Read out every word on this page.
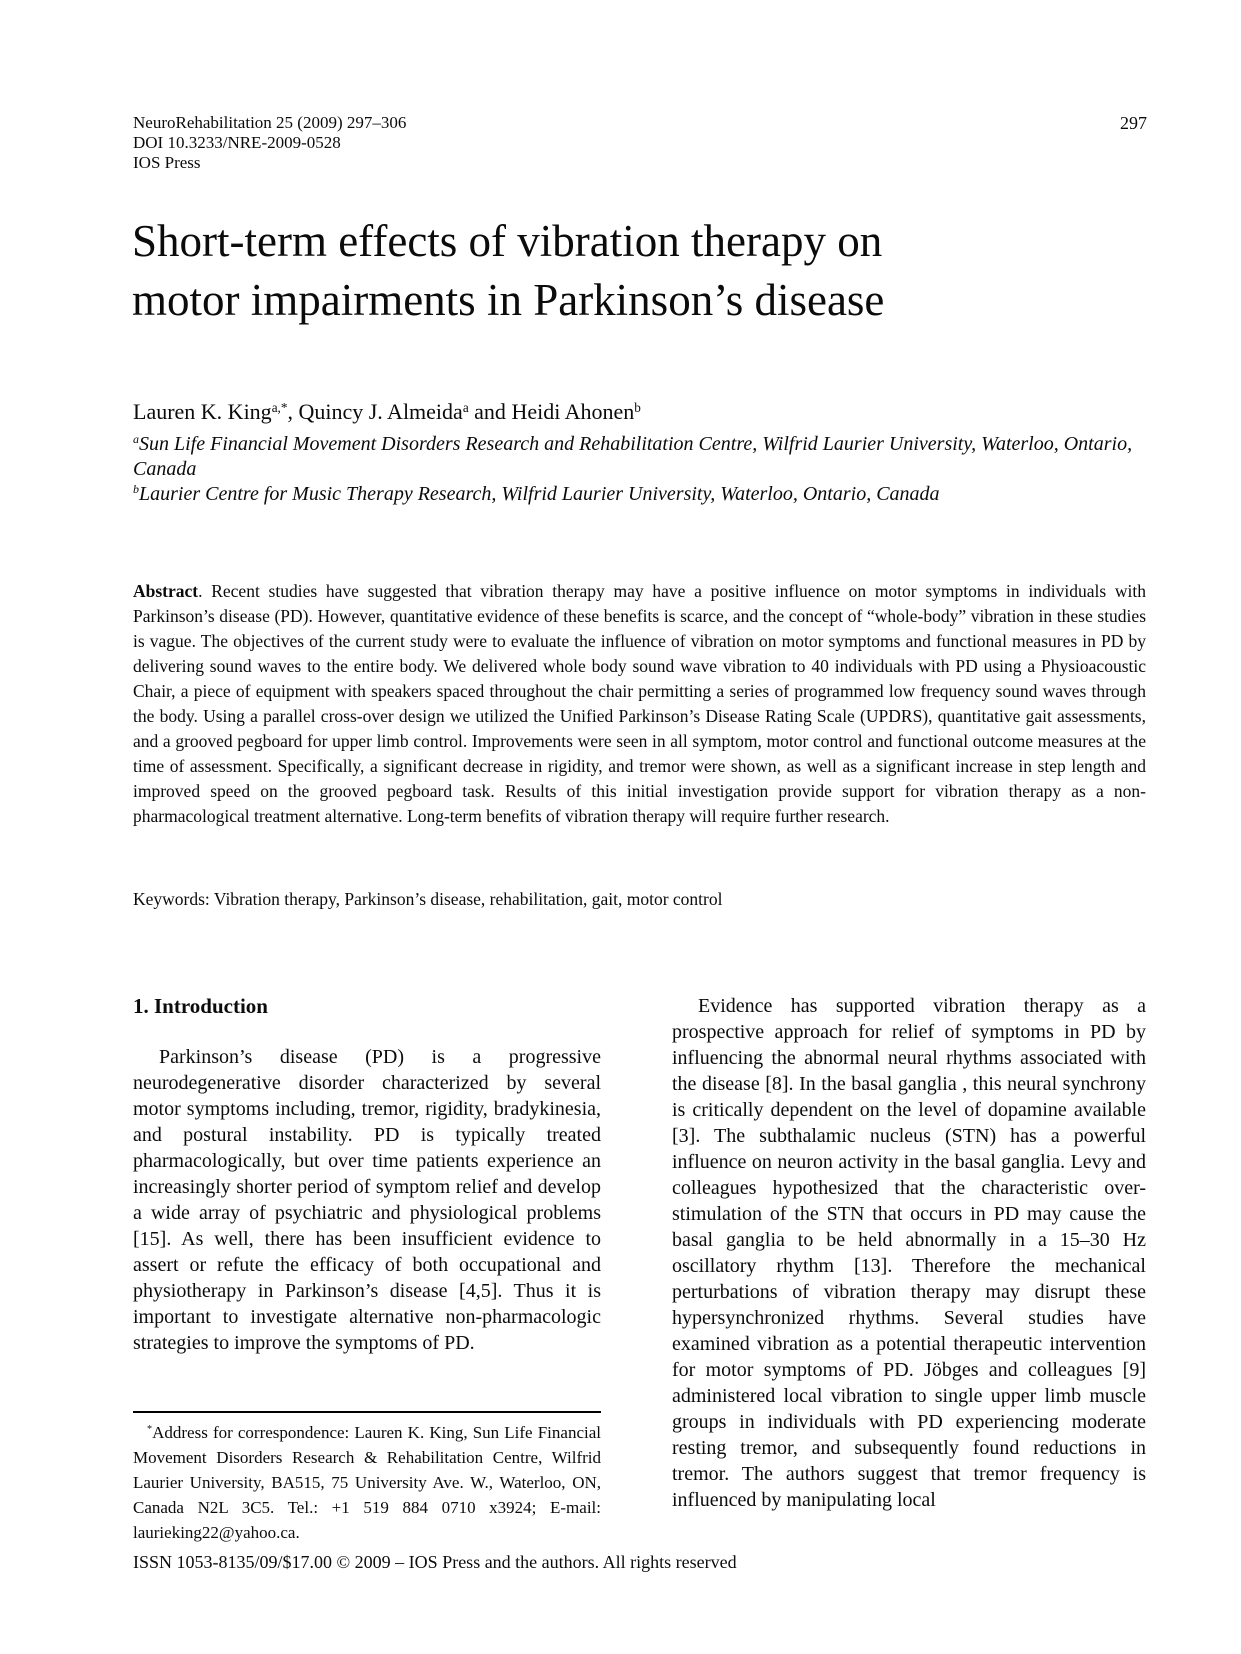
NeuroRehabilitation 25 (2009) 297–306
DOI 10.3233/NRE-2009-0528
IOS Press
297
Short-term effects of vibration therapy on
motor impairments in Parkinson’s disease

Lauren K. King$^{a,*}$, Quincy J. Almeida$^a$ and Heidi Ahonen$^b$

$^a$Sun Life Financial Movement Disorders Research and Rehabilitation Centre, Wilfrid Laurier University, Waterloo, Ontario, Canada

$^b$Laurier Centre for Music Therapy Research, Wilfrid Laurier University, Waterloo, Ontario, Canada

Abstract. Recent studies have suggested that vibration therapy may have a positive influence on motor symptoms in individuals with Parkinson’s disease (PD). However, quantitative evidence of these benefits is scarce, and the concept of “whole-body” vibration in these studies is vague. The objectives of the current study were to evaluate the influence of vibration on motor symptoms and functional measures in PD by delivering sound waves to the entire body. We delivered whole body sound wave vibration to 40 individuals with PD using a Physioacoustic Chair, a piece of equipment with speakers spaced throughout the chair permitting a series of programmed low frequency sound waves through the body. Using a parallel cross-over design we utilized the Unified Parkinson’s Disease Rating Scale (UPDRS), quantitative gait assessments, and a grooved pegboard for upper limb control. Improvements were seen in all symptom, motor control and functional outcome measures at the time of assessment. Specifically, a significant decrease in rigidity, and tremor were shown, as well as a significant increase in step length and improved speed on the grooved pegboard task. Results of this initial investigation provide support for vibration therapy as a non-pharmacological treatment alternative. Long-term benefits of vibration therapy will require further research.

Keywords: Vibration therapy, Parkinson’s disease, rehabilitation, gait, motor control

1. Introduction

Parkinson’s disease (PD) is a progressive neurodegenerative disorder characterized by several motor symptoms including, tremor, rigidity, bradykinesia, and postural instability. PD is typically treated pharmacologically, but over time patients experience an increasingly shorter period of symptom relief and develop a wide array of psychiatric and physiological problems [15]. As well, there has been insufficient evidence to assert or refute the efficacy of both occupational and physiotherapy in Parkinson’s disease [4,5]. Thus it is important to investigate alternative non-pharmacologic strategies to improve the symptoms of PD.

*Address for correspondence: Lauren K. King, Sun Life Financial Movement Disorders Research & Rehabilitation Centre, Wilfrid Laurier University, BA515, 75 University Ave. W., Waterloo, ON, Canada N2L 3C5. Tel.: +1 519 884 0710 x3924; E-mail: laurieking22@yahoo.ca.

Evidence has supported vibration therapy as a prospective approach for relief of symptoms in PD by influencing the abnormal neural rhythms associated with the disease [8]. In the basal ganglia , this neural synchrony is critically dependent on the level of dopamine available [3]. The subthalamic nucleus (STN) has a powerful influence on neuron activity in the basal ganglia. Levy and colleagues hypothesized that the characteristic over-stimulation of the STN that occurs in PD may cause the basal ganglia to be held abnormally in a 15–30 Hz oscillatory rhythm [13]. Therefore the mechanical perturbations of vibration therapy may disrupt these hypersynchronized rhythms. Several studies have examined vibration as a potential therapeutic intervention for motor symptoms of PD. Jöbges and colleagues [9] administered local vibration to single upper limb muscle groups in individuals with PD experiencing moderate resting tremor, and subsequently found reductions in tremor. The authors suggest that tremor frequency is influenced by manipulating local

ISSN 1053-8135/09/$17.00 © 2009 – IOS Press and the authors. All rights reserved
